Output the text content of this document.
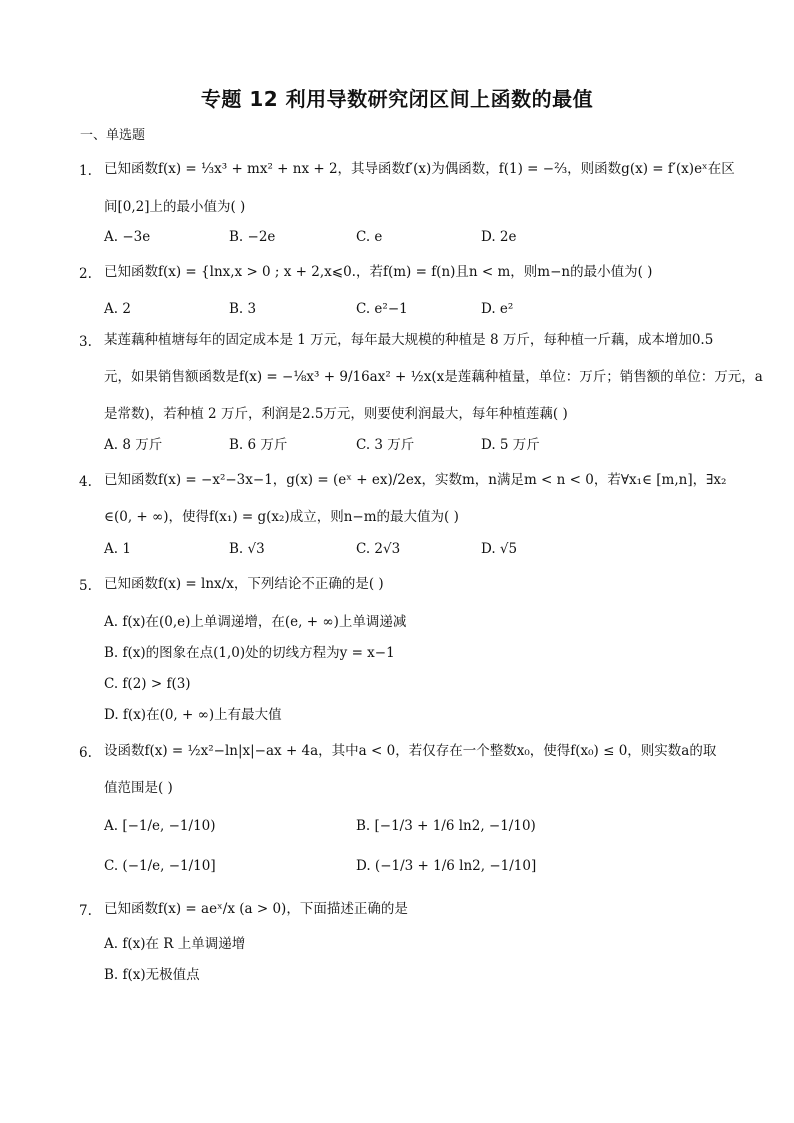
专题 12 利用导数研究闭区间上函数的最值
一、单选题
1. 已知函数f(x) = ⅓x³ + mx² + nx + 2，其导函数f′(x)为偶函数，f(1) = −⅔，则函数g(x) = f′(x)eˣ在区
间[0,2]上的最小值为( )
A. −3e	B. −2e	C. e	D. 2e
2. 已知函数f(x) = {lnx,x > 0 ; x + 2,x⩽0.，若f(m) = f(n)且n < m，则m−n的最小值为( )
A. 2	B. 3	C. e²−1	D. e²
3. 某莲藕种植塘每年的固定成本是 1 万元，每年最大规模的种植是 8 万斤，每种植一斤藕，成本增加0.5
元，如果销售额函数是f(x) = −⅛x³ + 9/16ax² + ½x(x是莲藕种植量，单位：万斤；销售额的单位：万元，a
是常数)，若种植 2 万斤，利润是2.5万元，则要使利润最大，每年种植莲藕( )
A. 8 万斤	B. 6 万斤	C. 3 万斤	D. 5 万斤
4. 已知函数f(x) = −x²−3x−1，g(x) = (eˣ + ex)/2ex，实数m，n满足m < n < 0，若∀x₁∈ [m,n]，∃x₂
∈(0, + ∞)，使得f(x₁) = g(x₂)成立，则n−m的最大值为( )
A. 1	B. √3	C. 2√3	D. √5
5. 已知函数f(x) = lnx/x，下列结论不正确的是( )
A. f(x)在(0,e)上单调递增，在(e, + ∞)上单调递减
B. f(x)的图象在点(1,0)处的切线方程为y = x−1
C. f(2) > f(3)
D. f(x)在(0, + ∞)上有最大值
6. 设函数f(x) = ½x²−ln|x|−ax + 4a，其中a < 0，若仅存在一个整数x₀，使得f(x₀) ≤ 0，则实数a的取
值范围是( )
A. [−1/e, −1/10)	B. [−1/3 + 1/6 ln2, −1/10)
C. (−1/e, −1/10]	D. (−1/3 + 1/6 ln2, −1/10]
7. 已知函数f(x) = aeˣ/x (a > 0)，下面描述正确的是
A. f(x)在 R 上单调递增
B. f(x)无极值点
